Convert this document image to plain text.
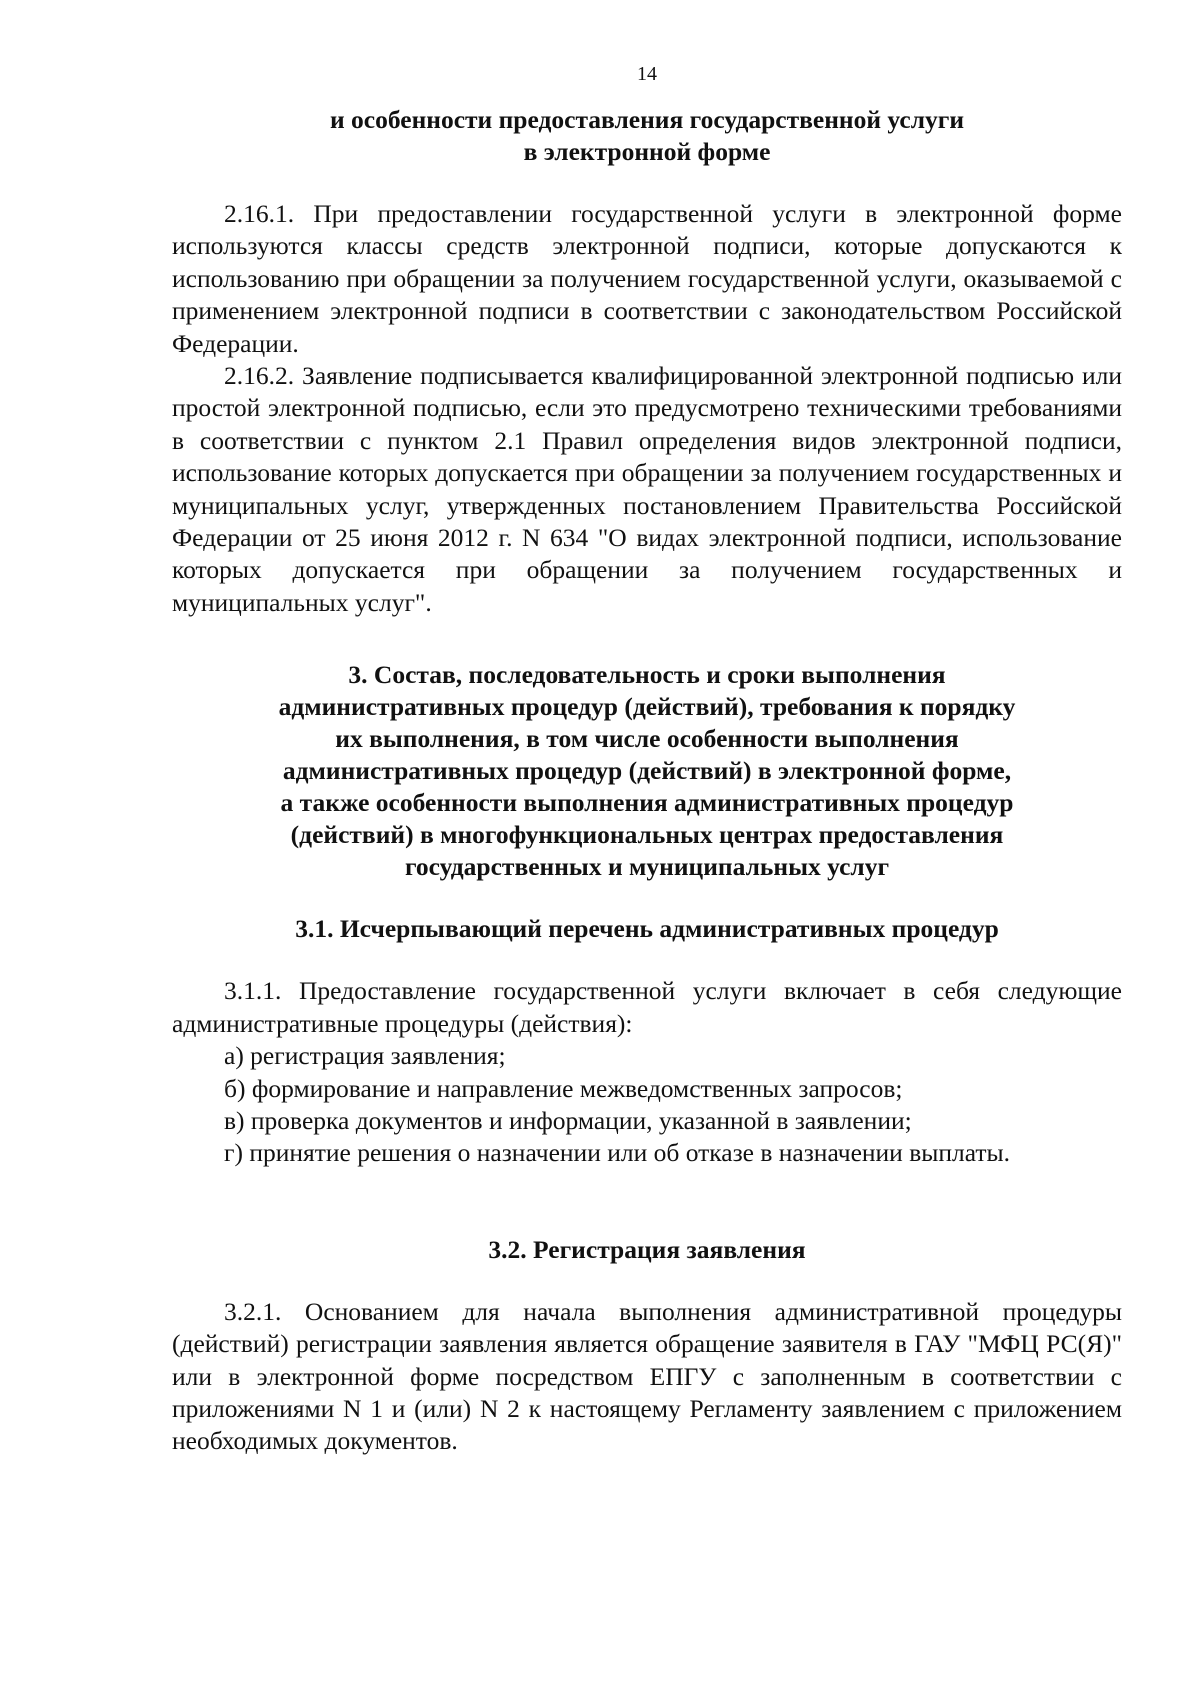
14
и особенности предоставления государственной услуги
в электронной форме

2.16.1. При предоставлении государственной услуги в электронной форме используются классы средств электронной подписи, которые допускаются к использованию при обращении за получением государственной услуги, оказываемой с применением электронной подписи в соответствии с законодательством Российской Федерации.

2.16.2. Заявление подписывается квалифицированной электронной подписью или простой электронной подписью, если это предусмотрено техническими требованиями в соответствии с пунктом 2.1 Правил определения видов электронной подписи, использование которых допускается при обращении за получением государственных и муниципальных услуг, утвержденных постановлением Правительства Российской Федерации от 25 июня 2012 г. N 634 "О видах электронной подписи, использование которых допускается при обращении за получением государственных и муниципальных услуг".

3. Состав, последовательность и сроки выполнения
административных процедур (действий), требования к порядку
их выполнения, в том числе особенности выполнения
административных процедур (действий) в электронной форме,
а также особенности выполнения административных процедур
(действий) в многофункциональных центрах предоставления
государственных и муниципальных услуг
3.1. Исчерпывающий перечень административных процедур

3.1.1. Предоставление государственной услуги включает в себя следующие административные процедуры (действия):

а) регистрация заявления;

б) формирование и направление межведомственных запросов;

в) проверка документов и информации, указанной в заявлении;

г) принятие решения о назначении или об отказе в назначении выплаты.

3.2. Регистрация заявления

3.2.1. Основанием для начала выполнения административной процедуры (действий) регистрации заявления является обращение заявителя в ГАУ "МФЦ РС(Я)" или в электронной форме посредством ЕПГУ с заполненным в соответствии с приложениями N 1 и (или) N 2 к настоящему Регламенту заявлением с приложением необходимых документов.
